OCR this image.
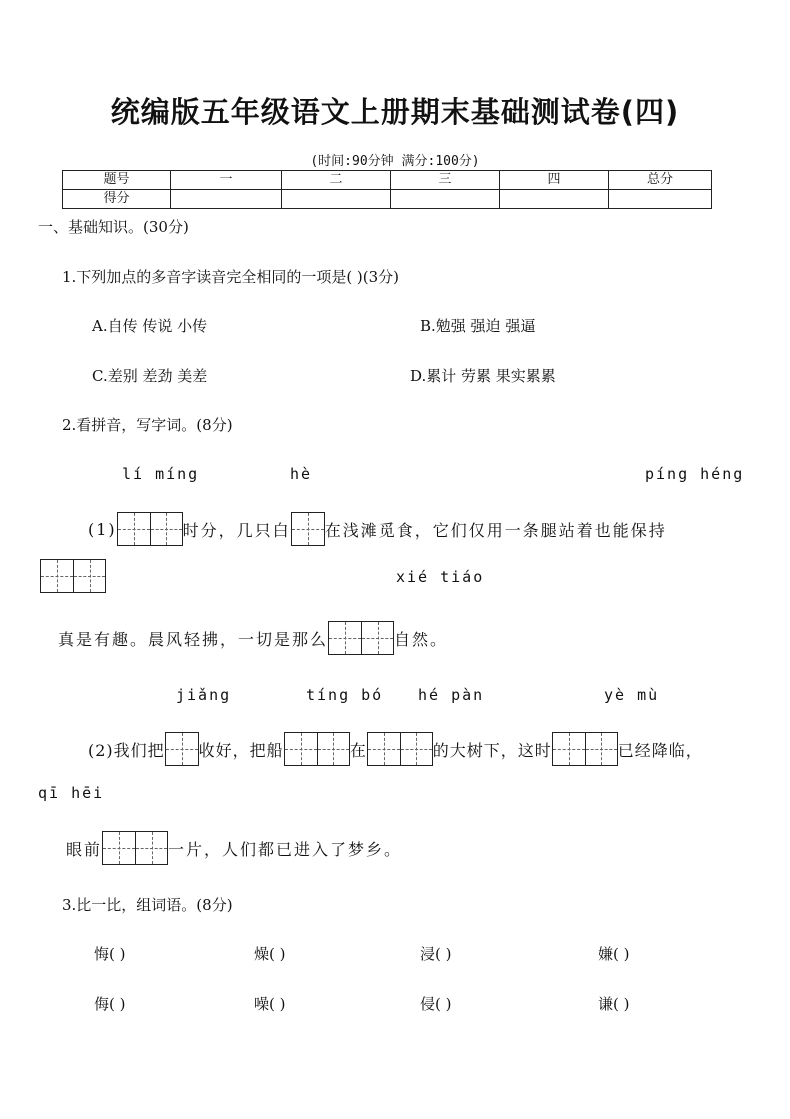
统编版五年级语文上册期末基础测试卷(四)
(时间:90分钟 满分:100分)
题号	一	二	三	四	总分
得分					
一、基础知识。(30分)
1.下列加点的多音字读音完全相同的一项是( )(3分)
A.自传 传说 小传	B.勉强 强迫 强逼
C.差别 差劲 美差	D.累计 劳累 果实累累
2.看拼音，写字词。(8分)
lí míng	hè	píng héng
(1)	时分，几只白 在浅滩觅食，它们仅用一条腿站着也能保持
xié tiáo
真是有趣。晨风轻拂，一切是那么	自然。
jiǎng	tíng bó hé pàn	yè mù
(2)我们把 收好，把船	在	的大树下，这时	已经降临，
qī hēi
眼前	一片，人们都已进入了梦乡。
3.比一比，组词语。(8分)
悔( )	燥( )	浸( )	嫌( )
侮( )	噪( )	侵( )	谦( )
